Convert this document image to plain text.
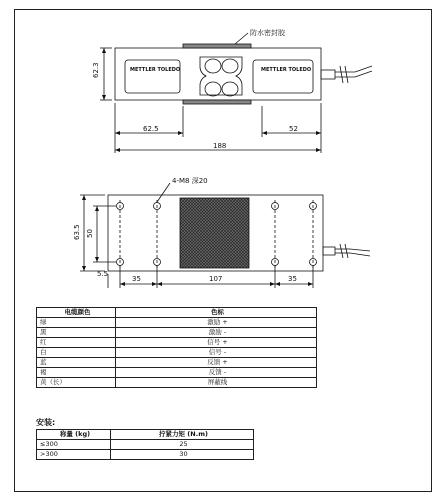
防水密封胶
METTLER TOLEDO	METTLER TOLEDO
62.3
62.5	52
188
4-M8 深20
63.5 50
5.5
35	107	35
电缆颜色	色标
绿	激励 +
黑	激励 -
红	信号 +
白	信号 -
蓝	反馈 +
褐	反馈 -
黄（长）	屏蔽线
安装:
称量 (kg)	拧紧力矩 (N.m)
≤300	25
>300	30
